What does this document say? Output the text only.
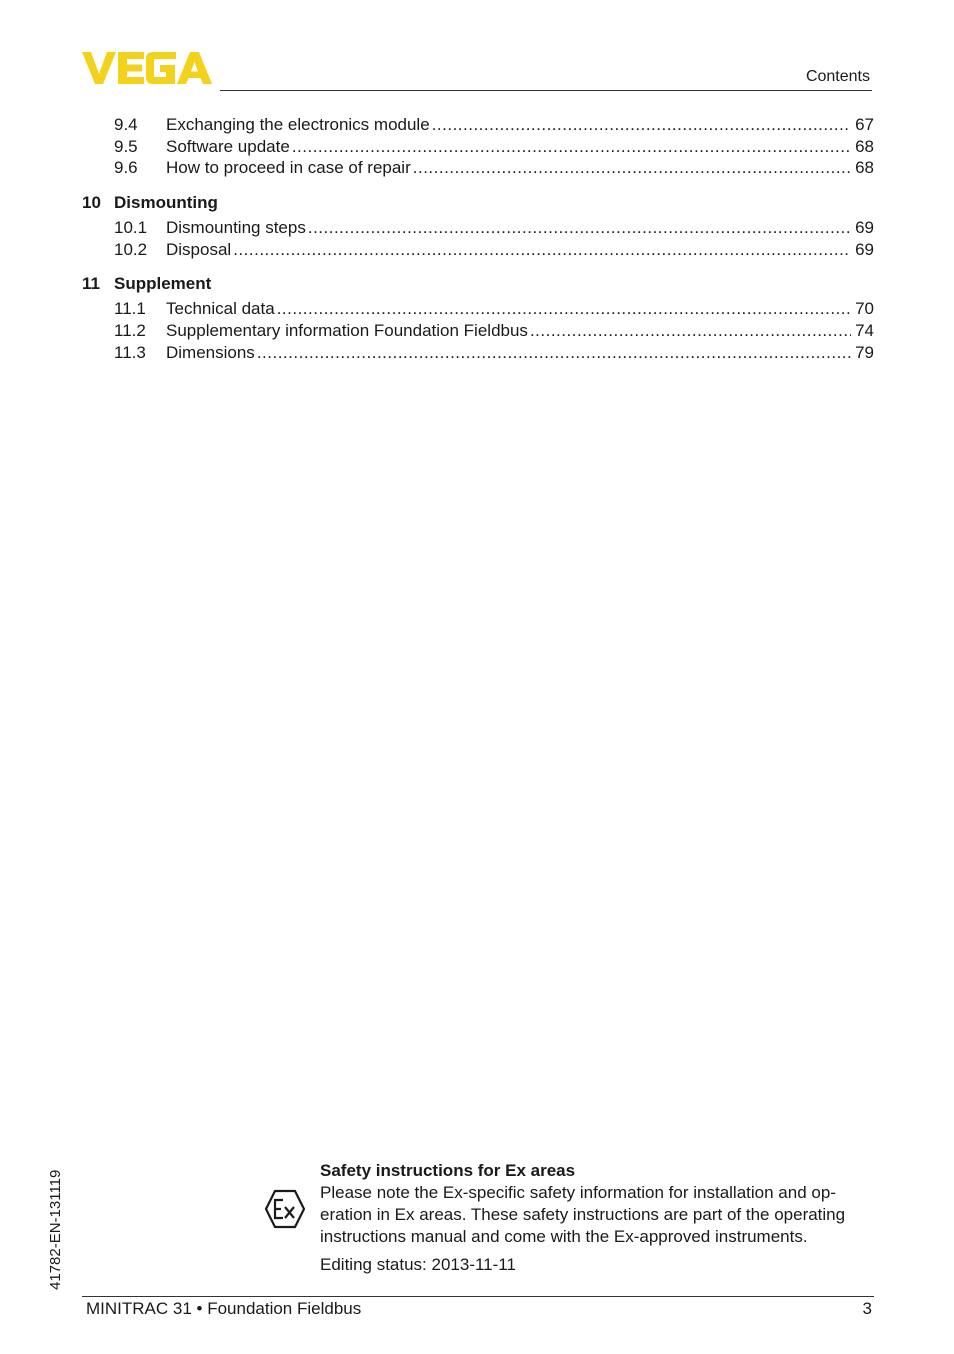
Contents
9.4	Exchanging the electronics module .....	67
9.5	Software update .....	68
9.6	How to proceed in case of repair .....	68
10 Dismounting
10.1	Dismounting steps .....	69
10.2	Disposal .....	69
11 Supplement
11.1	Technical data .....	70
11.2	Supplementary information Foundation Fieldbus .....	74
11.3	Dimensions .....	79
41782-EN-131119	Safety instructions for Ex areas
Please note the Ex-specific safety information for installation and op-eration in Ex areas. These safety instructions are part of the operating instructions manual and come with the Ex-approved instruments.
Editing status: 2013-11-11
MINITRAC 31 • Foundation Fieldbus	3
